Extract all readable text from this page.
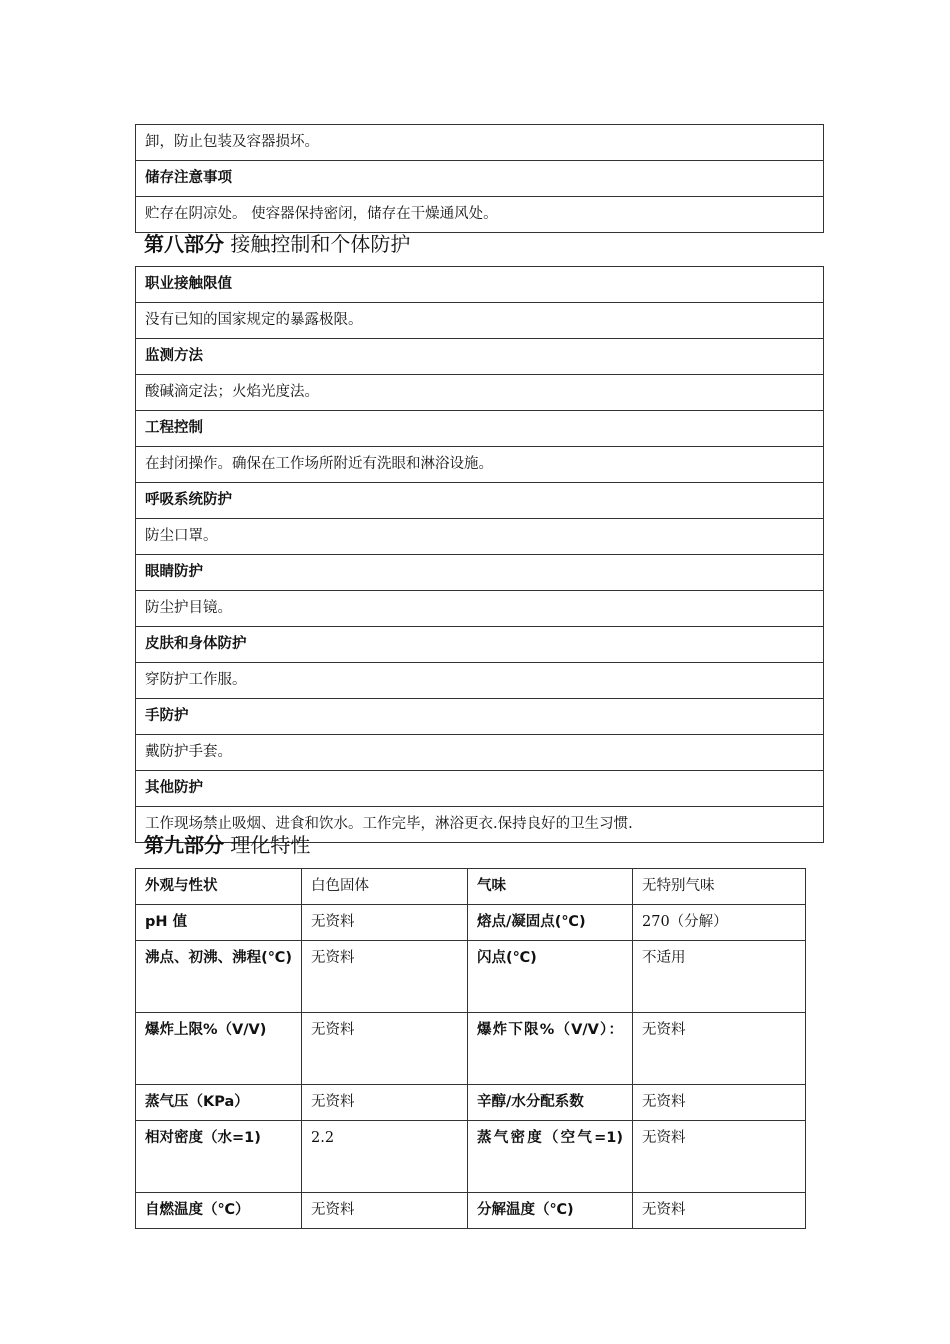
卸，防止包装及容器损坏。
储存注意事项
贮存在阴凉处。 使容器保持密闭，储存在干燥通风处。
第八部分 接触控制和个体防护
职业接触限值
没有已知的国家规定的暴露极限。
监测方法
酸碱滴定法；火焰光度法。
工程控制
在封闭操作。确保在工作场所附近有洗眼和淋浴设施。
呼吸系统防护
防尘口罩。
眼睛防护
防尘护目镜。
皮肤和身体防护
穿防护工作服。
手防护
戴防护手套。
其他防护
工作现场禁止吸烟、进食和饮水。工作完毕，淋浴更衣.保持良好的卫生习惯.
第九部分 理化特性
外观与性状	白色固体	气味	无特别气味
pH 值	无资料	熔点/凝固点(℃)	270（分解）
沸点、初沸、沸程(℃)	无资料	闪点(℃)	不适用
爆炸上限%（V/V)	无资料	爆炸下限%（V/V）：	无资料
蒸气压（KPa）	无资料	辛醇/水分配系数	无资料
相对密度（水=1)	2.2	蒸气密度（空气=1)	无资料
自燃温度（℃）	无资料	分解温度（℃)	无资料
